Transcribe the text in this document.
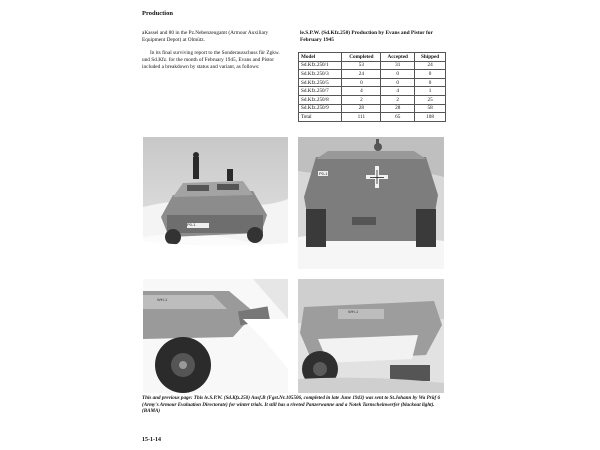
Production

aKassel and 80 in the Pz.Nebenzeugamt (Armour Auxiliary Equipment Depot) at Olmütz.

In its final surviving report to the Sonderausschuss für Zgkw. und Sd.Kfz. for the month of February 1945, Evans and Pistor included a breakdown by status and variant, as follows:

le.S.P.W. (Sd.Kfz.250) Production by Evans and Pistor for February 1945
Model	Completed	Accepted	Shipped
Sd.Kfz.250/1	53	31	24
Sd.Kfz.250/3	24	0	0
Sd.Kfz.250/5	0	0	0
Sd.Kfz.250/7	4	4	1
Sd.Kfz.250/8	2	2	25
Sd.Kfz.250/9	28	28	58
Total	111	65	108
P0-1
P0-1
WH-1
WH-1
This and previous page: This le.S.P.W. (Sd.Kfz.250) Ausf.B (Fgst.Nr.105506, completed in late June 1943) was sent to St.Johann by Wa Prüf 6 (Army's Armour Evaluation Directorate) for winter trials. It still has a riveted Panzerwanne and a Notek Tarnscheinwerfer (blackout light). (BAMA)
15-1-14
